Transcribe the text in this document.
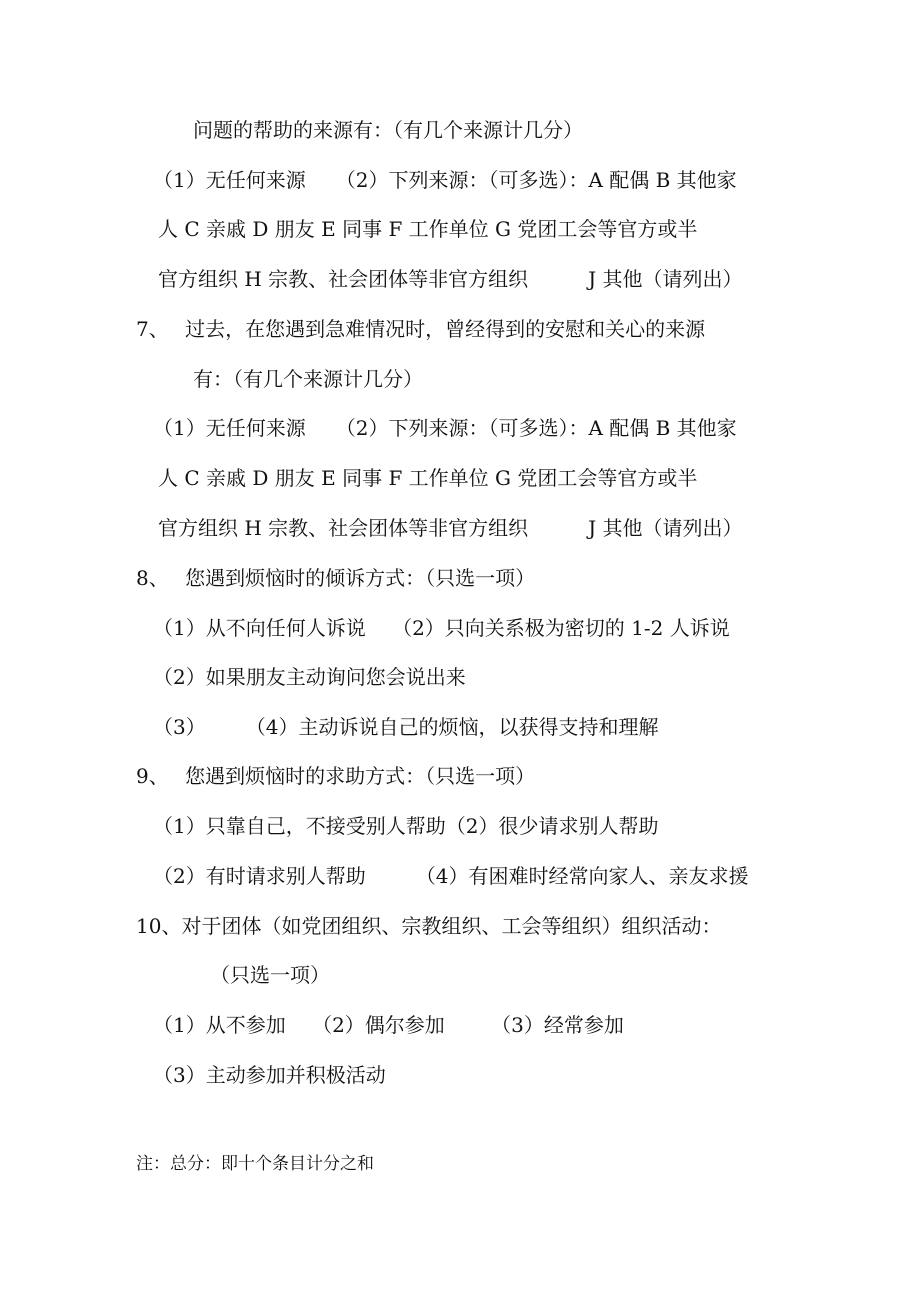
问题的帮助的来源有：（有几个来源计几分）
（1）无任何来源　　（2）下列来源：（可多选）：A 配偶 B 其他家
人 C 亲戚 D 朋友 E 同事 F 工作单位 G 党团工会等官方或半
官方组织 H 宗教、社会团体等非官方组织　　　J 其他（请列出）
7、　 过去，在您遇到急难情况时，曾经得到的安慰和关心的来源
有：（有几个来源计几分）
（1）无任何来源　　（2）下列来源：（可多选）：A 配偶 B 其他家
人 C 亲戚 D 朋友 E 同事 F 工作单位 G 党团工会等官方或半
官方组织 H 宗教、社会团体等非官方组织　　　J 其他（请列出）
8、　 您遇到烦恼时的倾诉方式：（只选一项）
（1）从不向任何人诉说　 （2）只向关系极为密切的 1-2 人诉说
（2）如果朋友主动询问您会说出来
（3）　　　（4）主动诉说自己的烦恼，以获得支持和理解
9、　 您遇到烦恼时的求助方式：（只选一项）
（1）只靠自己，不接受别人帮助（2）很少请求别人帮助
（2）有时请求别人帮助　　　（4）有困难时经常向家人、亲友求援
10、对于团体（如党团组织、宗教组织、工会等组织）组织活动：
（只选一项）
（1）从不参加　 （2）偶尔参加　　 （3）经常参加
（3）主动参加并积极活动
注：总分：即十个条目计分之和
